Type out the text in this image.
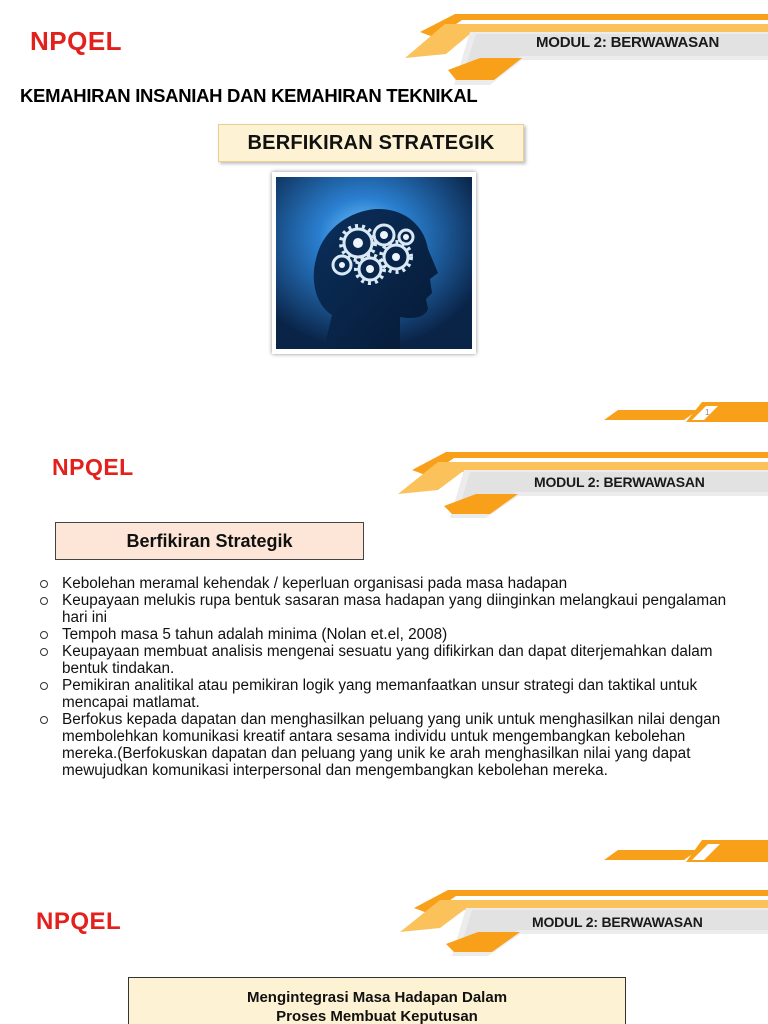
NPQEL	MODUL 2: BERWAWASAN
KEMAHIRAN INSANIAH DAN KEMAHIRAN TEKNIKAL
BERFIKIRAN STRATEGIK
1
NPQEL
MODUL 2: BERWAWASAN
Berfikiran Strategik
Kebolehan meramal kehendak / keperluan organisasi pada masa hadapan
Keupayaan melukis rupa bentuk sasaran masa hadapan yang diinginkan melangkaui pengalaman hari ini
Tempoh masa 5 tahun adalah minima (Nolan et.el, 2008)
Keupayaan membuat analisis mengenai sesuatu yang difikirkan dan dapat diterjemahkan dalam bentuk tindakan.
Pemikiran analitikal atau pemikiran logik yang memanfaatkan unsur strategi dan taktikal untuk mencapai matlamat.
Berfokus kepada dapatan dan menghasilkan peluang yang unik untuk menghasilkan nilai dengan membolehkan komunikasi kreatif antara sesama individu untuk mengembangkan kebolehan mereka.(Berfokuskan dapatan dan peluang yang unik ke arah menghasilkan nilai yang dapat mewujudkan komunikasi interpersonal dan mengembangkan kebolehan mereka.
NPQEL	MODUL 2: BERWAWASAN
Mengintegrasi Masa Hadapan Dalam
Proses Membuat Keputusan
